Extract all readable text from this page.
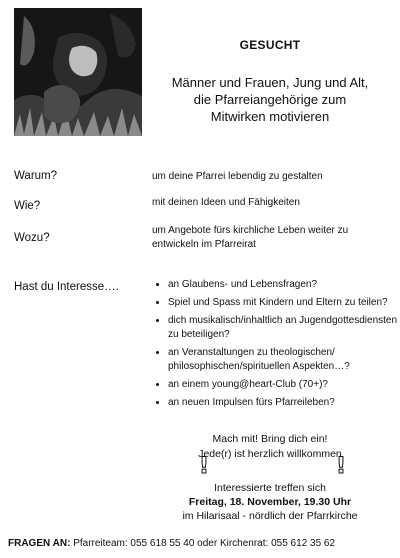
GESUCHT
Männer und Frauen, Jung und Alt,
die Pfarreiangehörige zum
Mitwirken motivieren
Warum?	um deine Pfarrei lebendig zu gestalten
Wie?	mit deinen Ideen und Fähigkeiten
Wozu?
um Angebote fürs kirchliche Leben weiter zu
entwickeln im Pfarreirat
Hast du Interesse….
•	an Glaubens- und Lebensfragen?
• Spiel und Spass mit Kindern und Eltern zu teilen?
• dich musikalisch/inhaltlich an Jugendgottesdiensten zu beteiligen?
• an Veranstaltungen zu theologischen/ philosophischen/spirituellen Aspekten…?
• an einem young@heart-Club (70+)?
• an neuen Impulsen fürs Pfarreileben?
Mach mit! Bring dich ein!
Jede(r) ist herzlich willkommen
!	!
Interessierte treffen sich
Freitag, 18. November, 19.30 Uhr
im Hilarisaal - nördlich der Pfarrkirche
FRAGEN AN: Pfarreiteam: 055 618 55 40 oder Kirchenrat: 055 612 35 62
